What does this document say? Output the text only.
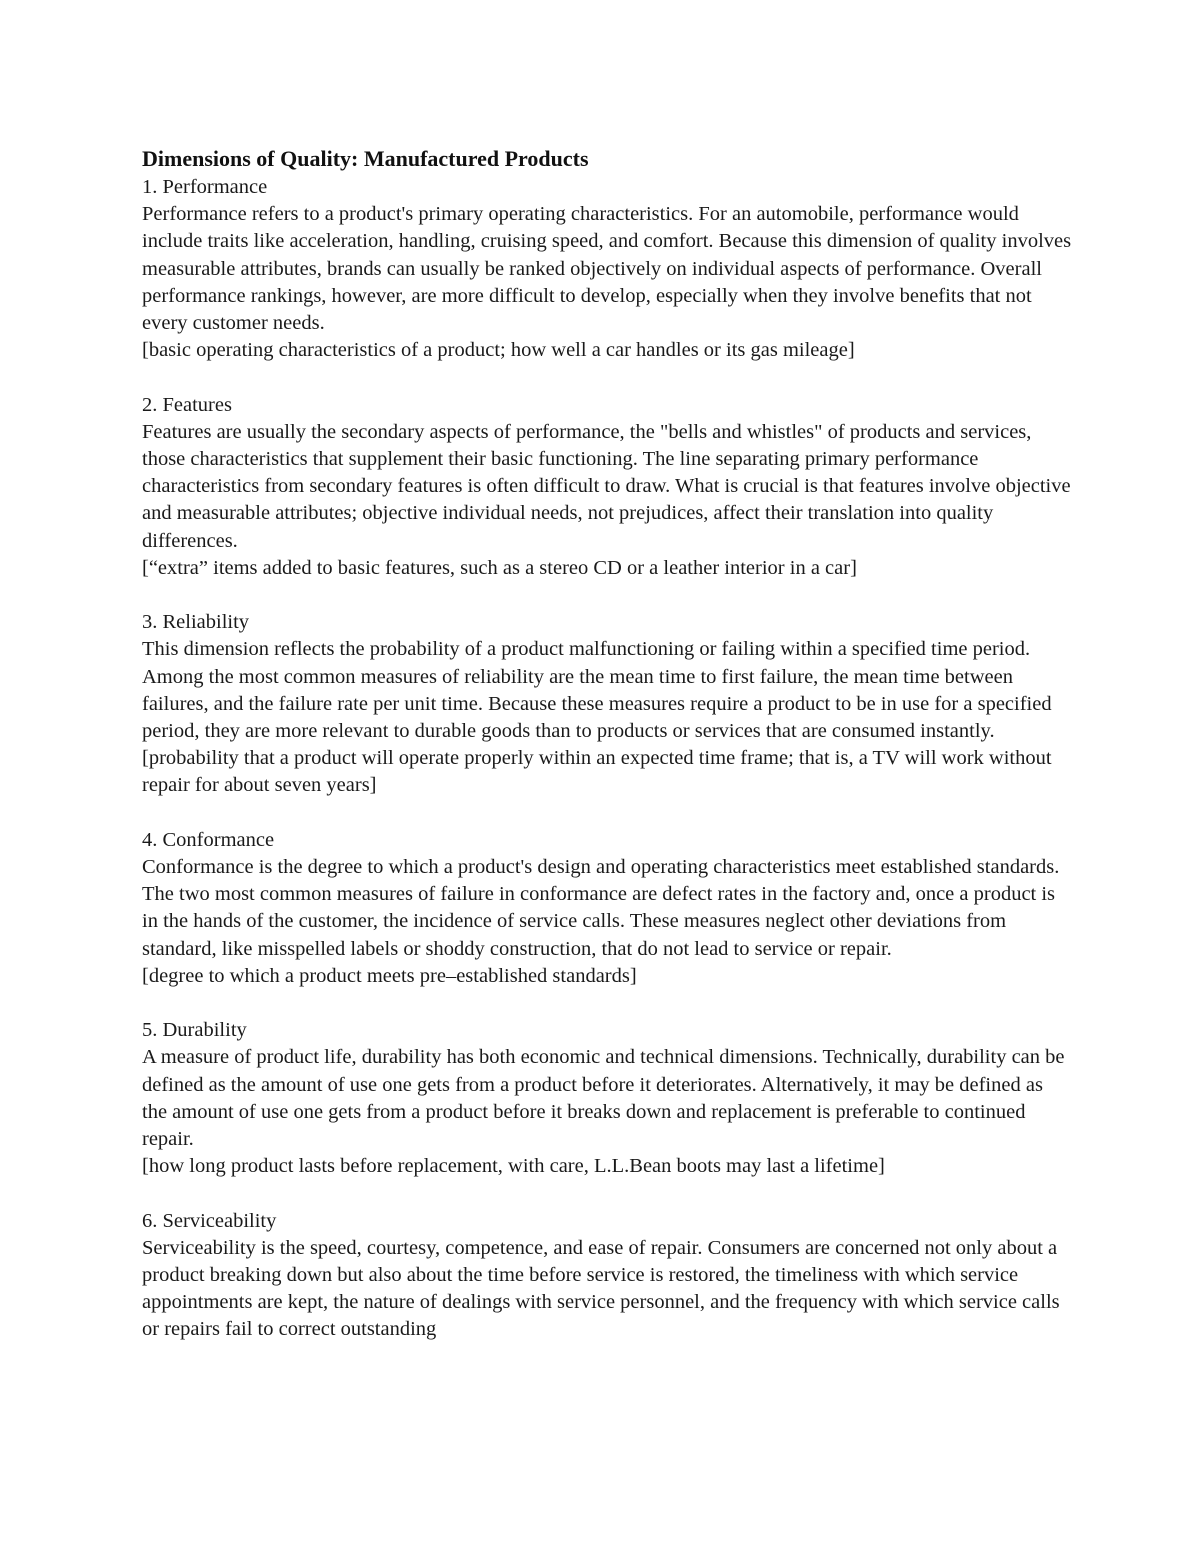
Dimensions of Quality: Manufactured Products
1. Performance
Performance refers to a product's primary operating characteristics. For an automobile, performance would include traits like acceleration, handling, cruising speed, and comfort. Because this dimension of quality involves measurable attributes, brands can usually be ranked objectively on individual aspects of performance. Overall performance rankings, however, are more difficult to develop, especially when they involve benefits that not every customer needs.
[basic operating characteristics of a product; how well a car handles or its gas mileage]
2. Features
Features are usually the secondary aspects of performance, the "bells and whistles" of products and services, those characteristics that supplement their basic functioning. The line separating primary performance characteristics from secondary features is often difficult to draw. What is crucial is that features involve objective and measurable attributes; objective individual needs, not prejudices, affect their translation into quality differences.
[“extra” items added to basic features, such as a stereo CD or a leather interior in a car]
3. Reliability
This dimension reflects the probability of a product malfunctioning or failing within a specified time period. Among the most common measures of reliability are the mean time to first failure, the mean time between failures, and the failure rate per unit time. Because these measures require a product to be in use for a specified period, they are more relevant to durable goods than to products or services that are consumed instantly.
[probability that a product will operate properly within an expected time frame; that is, a TV will work without repair for about seven years]
4. Conformance
Conformance is the degree to which a product's design and operating characteristics meet established standards. The two most common measures of failure in conformance are defect rates in the factory and, once a product is in the hands of the customer, the incidence of service calls. These measures neglect other deviations from standard, like misspelled labels or shoddy construction, that do not lead to service or repair.
[degree to which a product meets pre–established standards]
5. Durability
A measure of product life, durability has both economic and technical dimensions. Technically, durability can be defined as the amount of use one gets from a product before it deteriorates. Alternatively, it may be defined as the amount of use one gets from a product before it breaks down and replacement is preferable to continued repair.
[how long product lasts before replacement, with care, L.L.Bean boots may last a lifetime]
6. Serviceability
Serviceability is the speed, courtesy, competence, and ease of repair. Consumers are concerned not only about a product breaking down but also about the time before service is restored, the timeliness with which service appointments are kept, the nature of dealings with service personnel, and the frequency with which service calls or repairs fail to correct outstanding
